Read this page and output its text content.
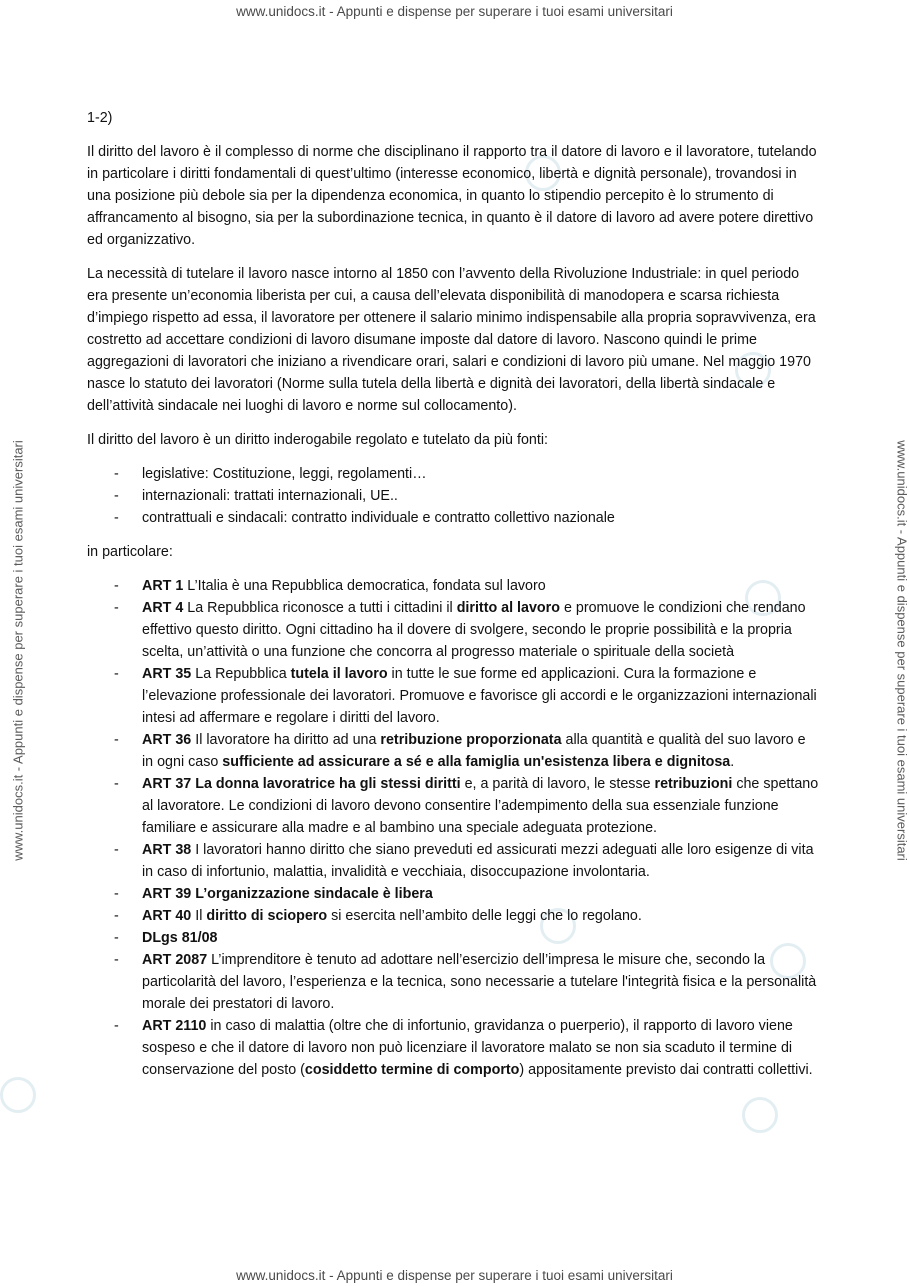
www.unidocs.it - Appunti e dispense per superare i tuoi esami universitari
www.unidocs.it - Appunti e dispense per superare i tuoi esami universitari
www.unidocs.it - Appunti e dispense per superare i tuoi esami universitari	www.unidocs.it - Appunti e dispense per superare i tuoi esami universitari
1-2)

Il diritto del lavoro è il complesso di norme che disciplinano il rapporto tra il datore di lavoro e il lavoratore, tutelando in particolare i diritti fondamentali di quest’ultimo (interesse economico, libertà e dignità personale), trovandosi in una posizione più debole sia per la dipendenza economica, in quanto lo stipendio percepito è lo strumento di affrancamento al bisogno, sia per la subordinazione tecnica, in quanto è il datore di lavoro ad avere potere direttivo ed organizzativo.

La necessità di tutelare il lavoro nasce intorno al 1850 con l’avvento della Rivoluzione Industriale: in quel periodo era presente un’economia liberista per cui, a causa dell’elevata disponibilità di manodopera e scarsa richiesta d’impiego rispetto ad essa, il lavoratore per ottenere il salario minimo indispensabile alla propria sopravvivenza, era costretto ad accettare condizioni di lavoro disumane imposte dal datore di lavoro. Nascono quindi le prime aggregazioni di lavoratori che iniziano a rivendicare orari, salari e condizioni di lavoro più umane. Nel maggio 1970 nasce lo statuto dei lavoratori (Norme sulla tutela della libertà e dignità dei lavoratori, della libertà sindacale e dell’attività sindacale nei luoghi di lavoro e norme sul collocamento).

Il diritto del lavoro è un diritto inderogabile regolato e tutelato da più fonti:

- legislative: Costituzione, leggi, regolamenti…
- internazionali: trattati internazionali, UE..
- contrattuali e sindacali: contratto individuale e contratto collettivo nazionale

in particolare:

- ART 1 L’Italia è una Repubblica democratica, fondata sul lavoro
- ART 4 La Repubblica riconosce a tutti i cittadini il diritto al lavoro e promuove le condizioni che rendano effettivo questo diritto. Ogni cittadino ha il dovere di svolgere, secondo le proprie possibilità e la propria scelta, un’attività o una funzione che concorra al progresso materiale o spirituale della società
- ART 35 La Repubblica tutela il lavoro in tutte le sue forme ed applicazioni. Cura la formazione e l’elevazione professionale dei lavoratori. Promuove e favorisce gli accordi e le organizzazioni internazionali intesi ad affermare e regolare i diritti del lavoro.
- ART 36 Il lavoratore ha diritto ad una retribuzione proporzionata alla quantità e qualità del suo lavoro e in ogni caso sufficiente ad assicurare a sé e alla famiglia un'esistenza libera e dignitosa.
- ART 37 La donna lavoratrice ha gli stessi diritti e, a parità di lavoro, le stesse retribuzioni che spettano al lavoratore. Le condizioni di lavoro devono consentire l’adempimento della sua essenziale funzione familiare e assicurare alla madre e al bambino una speciale adeguata protezione.
- ART 38 I lavoratori hanno diritto che siano preveduti ed assicurati mezzi adeguati alle loro esigenze di vita in caso di infortunio, malattia, invalidità e vecchiaia, disoccupazione involontaria.
- ART 39 L’organizzazione sindacale è libera
- ART 40 Il diritto di sciopero si esercita nell’ambito delle leggi che lo regolano.
- DLgs 81/08
- ART 2087 L’imprenditore è tenuto ad adottare nell’esercizio dell’impresa le misure che, secondo la particolarità del lavoro, l’esperienza e la tecnica, sono necessarie a tutelare l'integrità fisica e la personalità morale dei prestatori di lavoro.
- ART 2110 in caso di malattia (oltre che di infortunio, gravidanza o puerperio), il rapporto di lavoro viene sospeso e che il datore di lavoro non può licenziare il lavoratore malato se non sia scaduto il termine di conservazione del posto (cosiddetto termine di comporto) appositamente previsto dai contratti collettivi.
